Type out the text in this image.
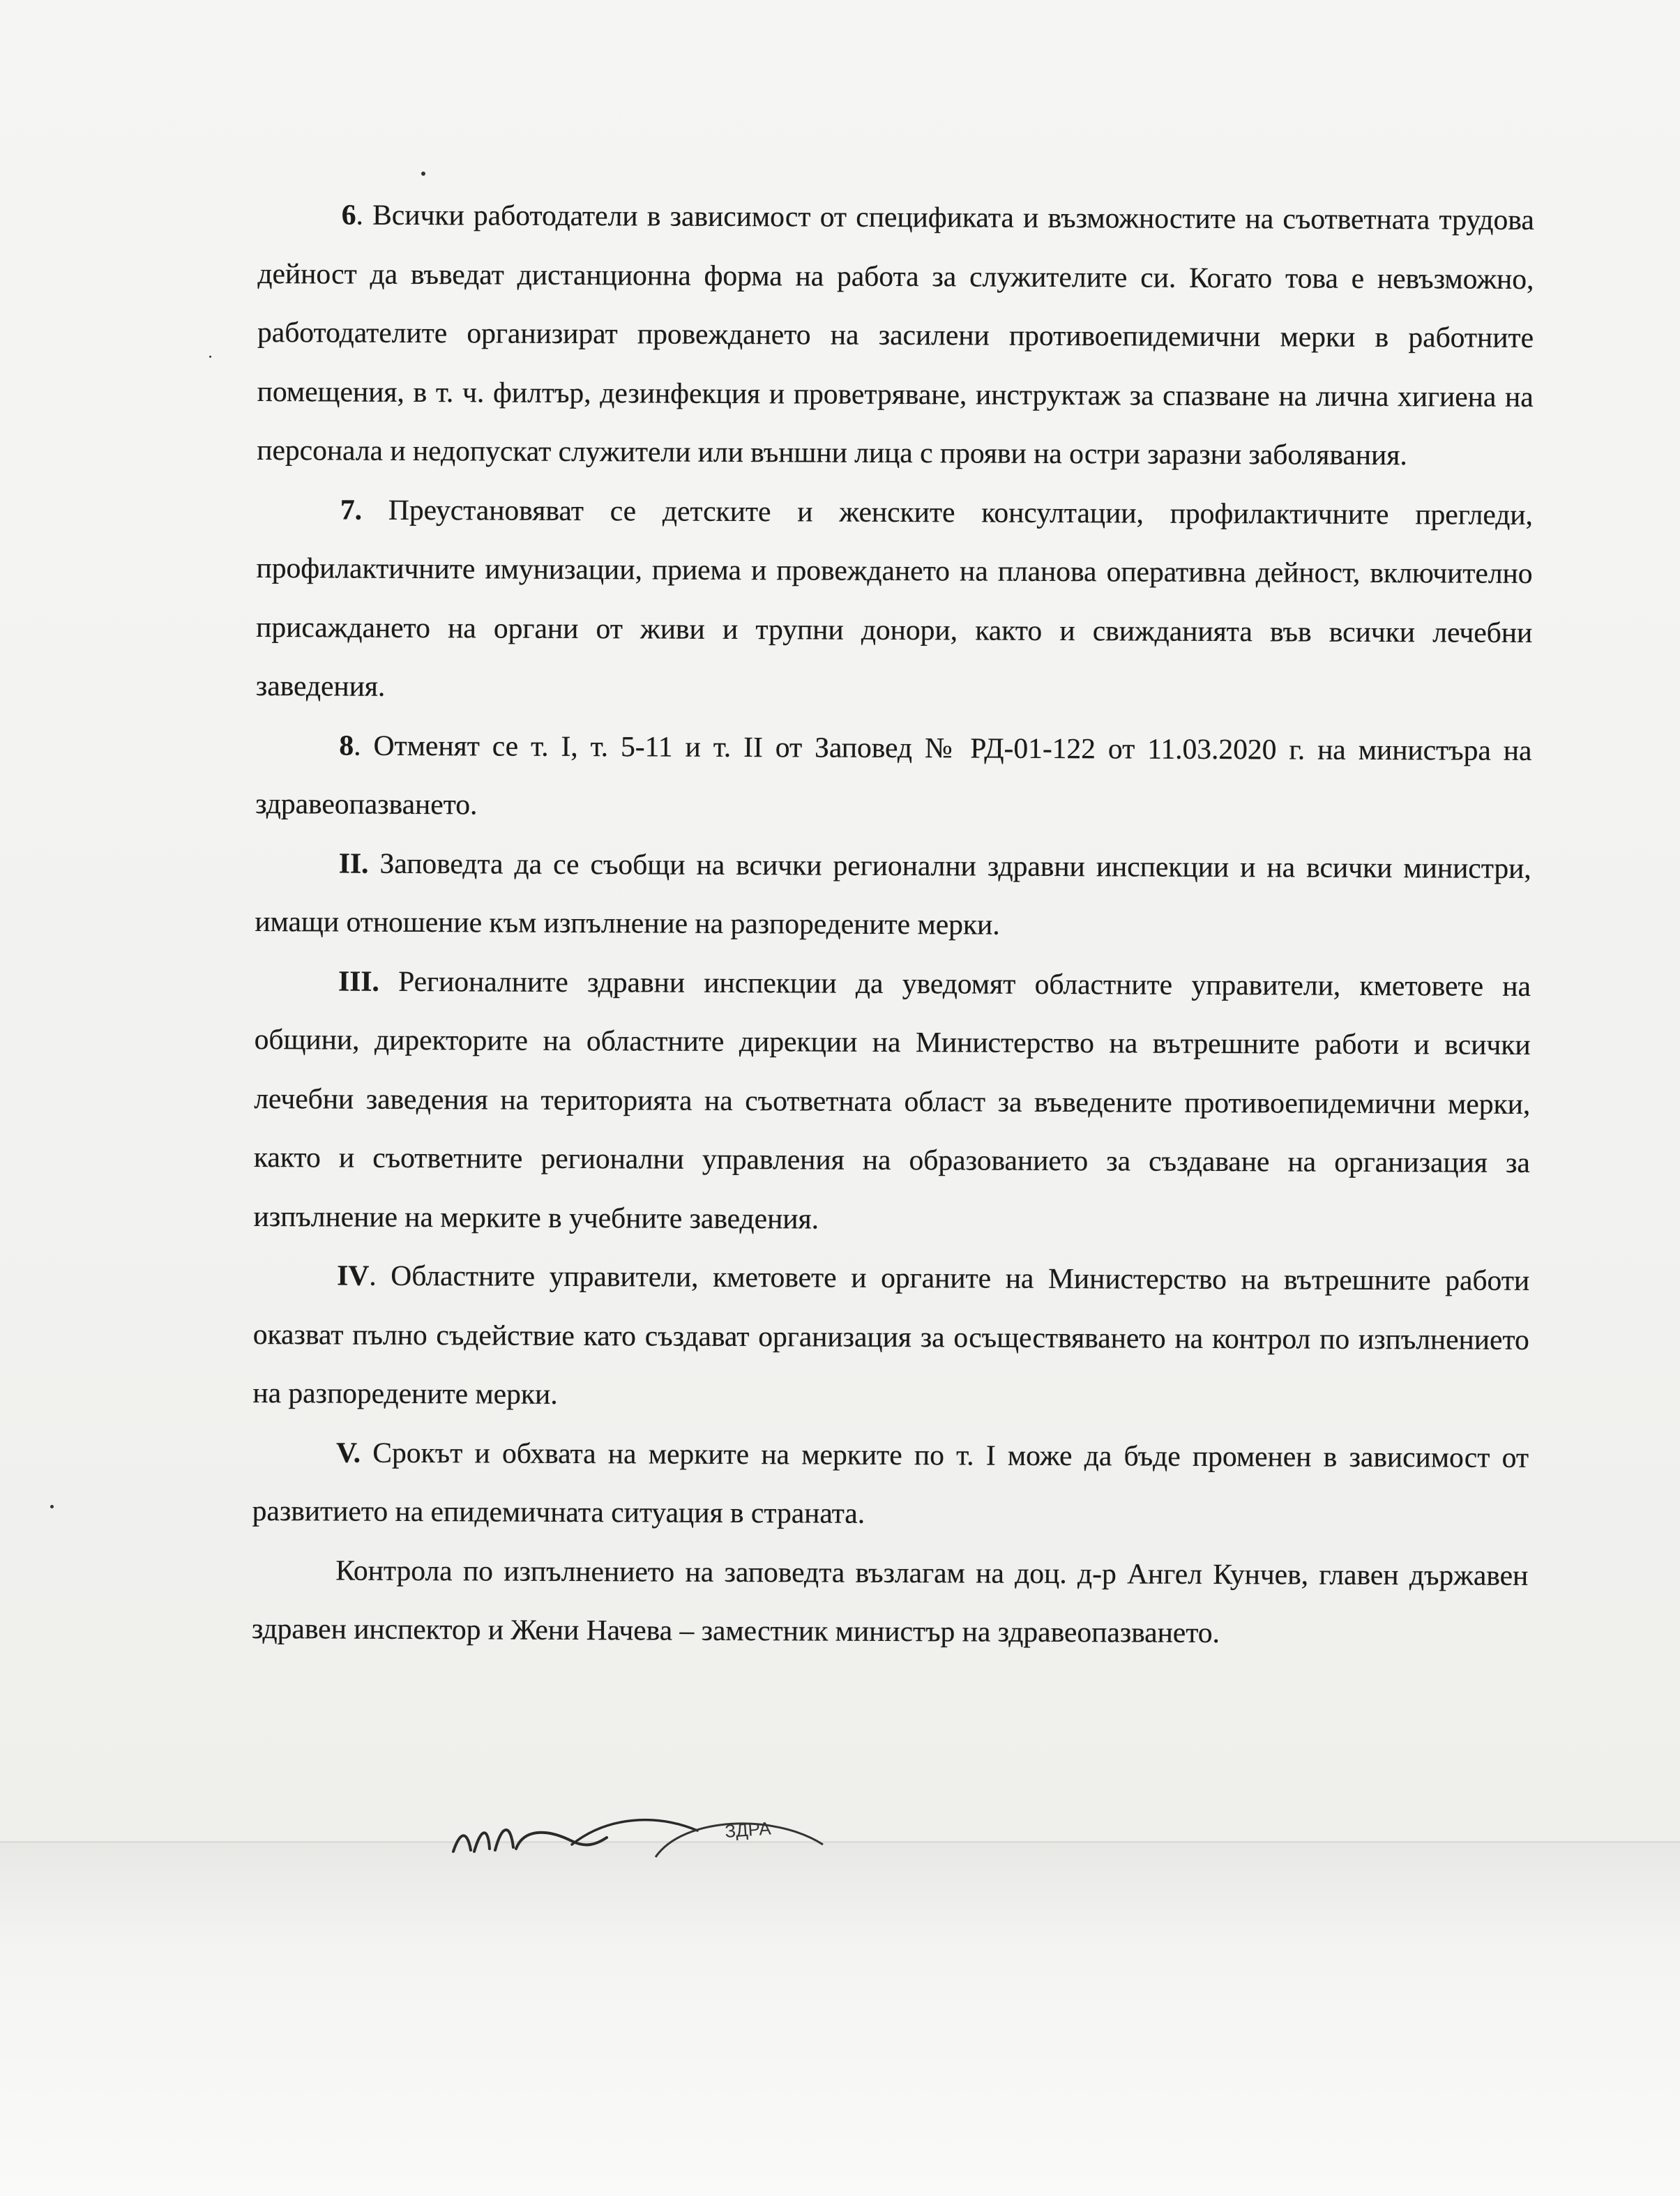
6. Всички работодатели в зависимост от спецификата и възможностите на съответната трудова дейност да въведат дистанционна форма на работа за служителите си. Когато това е невъзможно, работодателите организират провеждането на засилени противоепидемични мерки в работните помещения, в т. ч. филтър, дезинфекция и проветряване, инструктаж за спазване на лична хигиена на персонала и недопускат служители или външни лица с прояви на остри заразни заболявания.

7. Преустановяват се детските и женските консултации, профилактичните прегледи, профилактичните имунизации, приема и провеждането на планова оперативна дейност, включително присаждането на органи от живи и трупни донори, както и свижданията във всички лечебни заведения.

8. Отменят се т. I, т. 5-11 и т. II от Заповед № РД-01-122 от 11.03.2020 г. на министъра на здравеопазването.

II. Заповедта да се съобщи на всички регионални здравни инспекции и на всички министри, имащи отношение към изпълнение на разпоредените мерки.

III. Регионалните здравни инспекции да уведомят областните управители, кметовете на общини, директорите на областните дирекции на Министерство на вътрешните работи и всички лечебни заведения на територията на съответната област за въведените противоепидемични мерки, както и съответните регионални управления на образованието за създаване на организация за изпълнение на мерките в учебните заведения.

IV. Областните управители, кметовете и органите на Министерство на вътрешните работи оказват пълно съдействие като създават организация за осъществяването на контрол по изпълнението на разпоредените мерки.

V. Срокът и обхвата на мерките на мерките по т. I може да бъде променен в зависимост от развитието на епидемичната ситуация в страната.

Контрола по изпълнението на заповедта възлагам на доц. д-р Ангел Кунчев, главен държавен здравен инспектор и Жени Начева – заместник министър на здравеопазването.

ЗДРА
